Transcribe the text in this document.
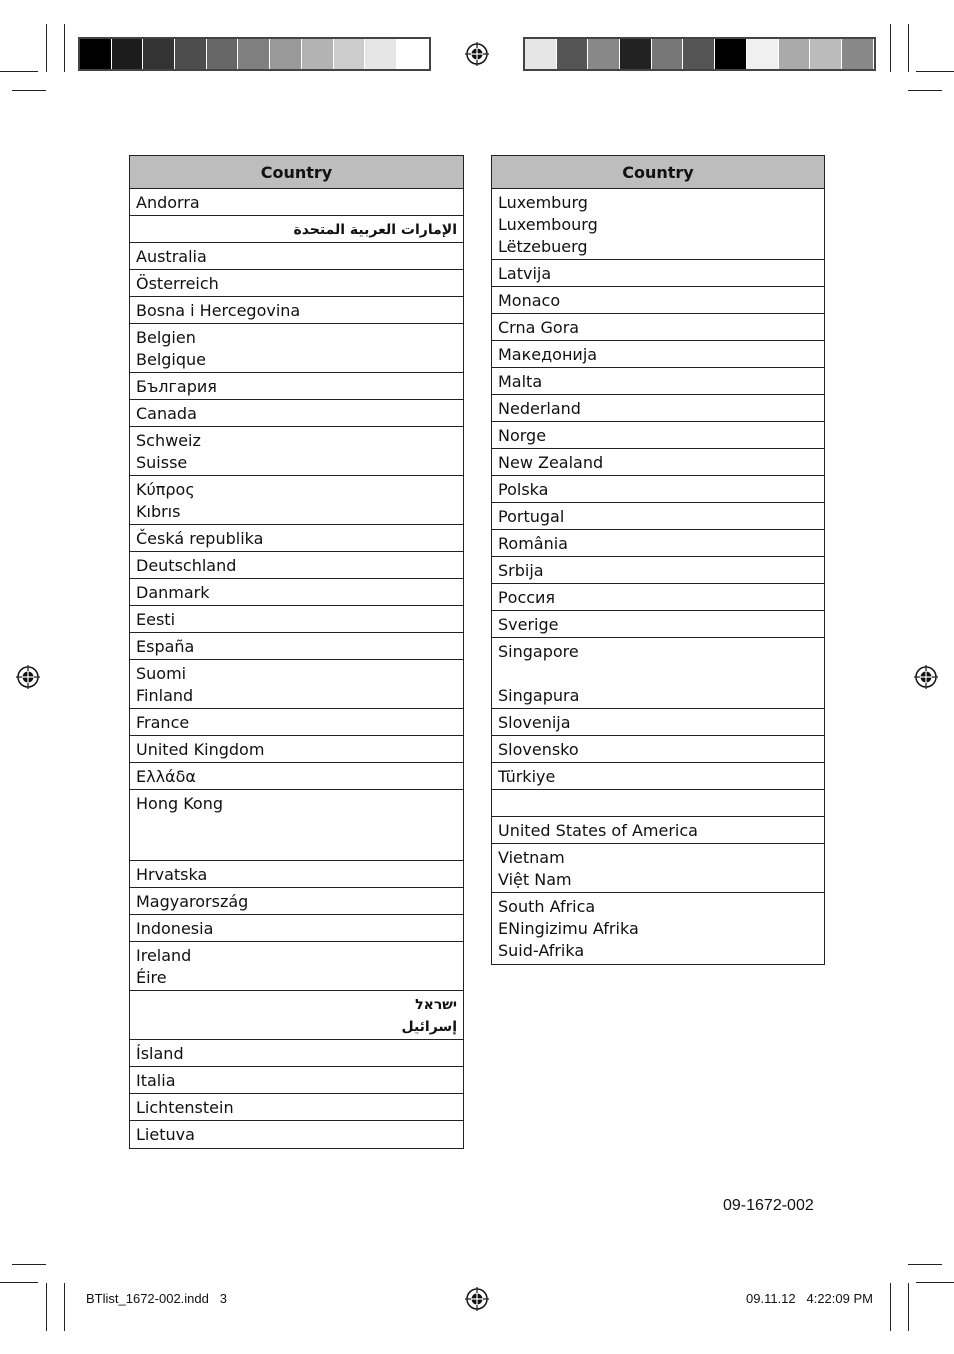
Country
Andorra
الإمارات العربية المتحدة
Australia
Österreich
Bosna i Hercegovina
Belgien
Belgique
България
Canada
Schweiz
Suisse
Κύπρος
Kıbrıs
Česká republika
Deutschland
Danmark
Eesti
España
Suomi
Finland
France
United Kingdom
Ελλάδα
Hong Kong

Hrvatska
Magyarország
Indonesia
Ireland
Éire
ישראל
إسرائيل
Ísland
Italia
Lichtenstein
Lietuva
Country
Luxemburg
Luxembourg
Lëtzebuerg
Latvija
Monaco
Crna Gora
Македонија
Malta
Nederland
Norge
New Zealand
Polska
Portugal
România
Srbija
Россия
Sverige
Singapore

Singapura
Slovenija
Slovensko
Türkiye

United States of America
Vietnam
Việt Nam
South Africa
ENingizimu Afrika
Suid-Afrika
09-1672-002
BTlist_1672-002.indd   3	09.11.12   4:22:09 PM
